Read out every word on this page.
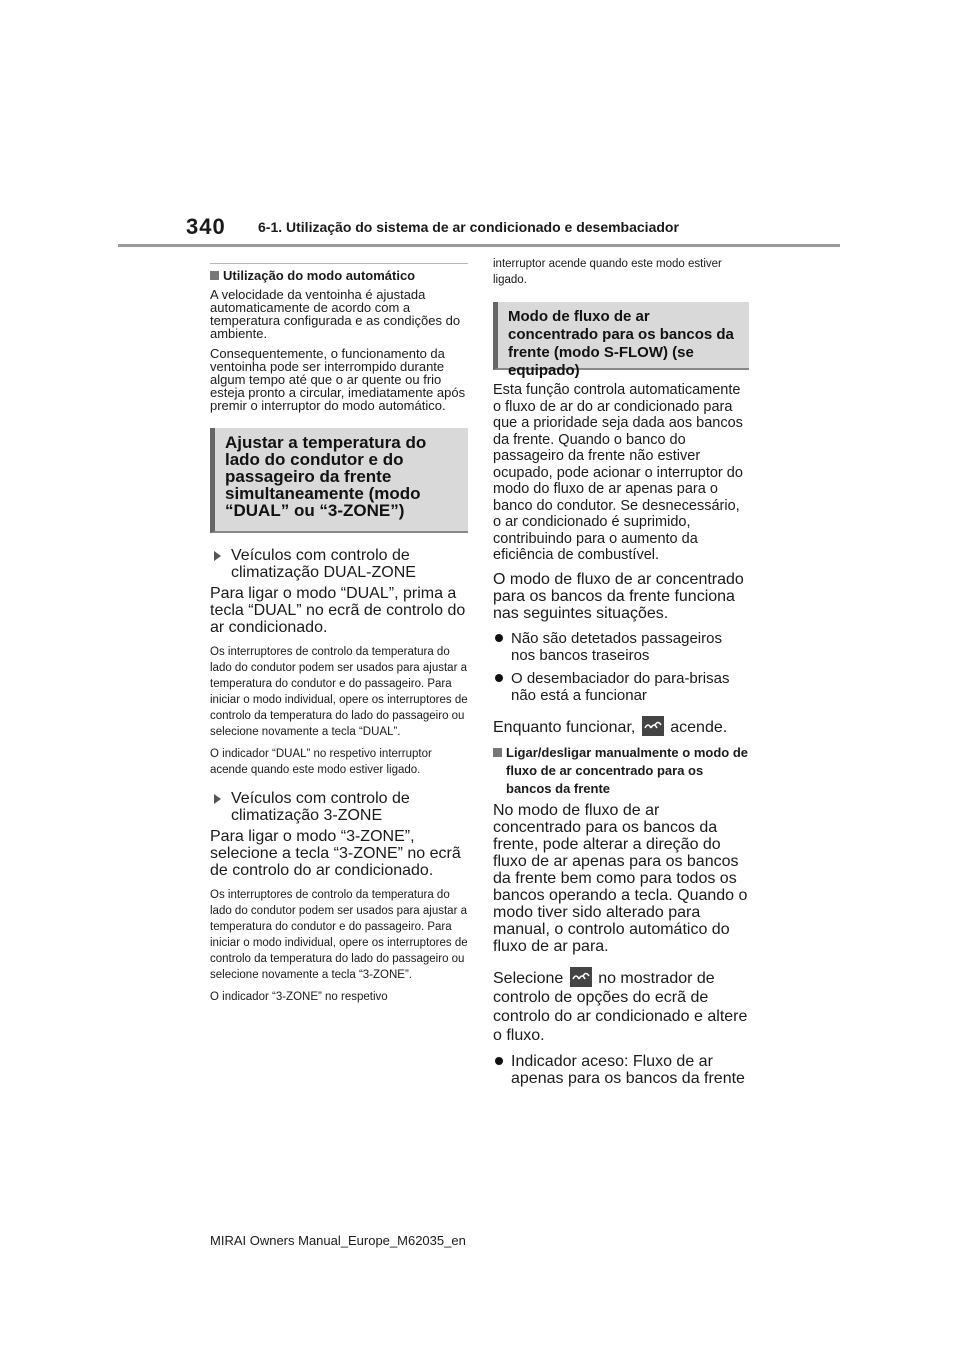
340 6-1. Utilização do sistema de ar condicionado e desembaciador
Utilização do modo automático

A velocidade da ventoinha é ajustada automaticamente de acordo com a temperatura configurada e as condições do ambiente.

Consequentemente, o funcionamento da ventoinha pode ser interrompido durante algum tempo até que o ar quente ou frio esteja pronto a circular, imediatamente após premir o interruptor do modo automático.

Ajustar a temperatura do lado do condutor e do passageiro da frente simultaneamente (modo “DUAL” ou “3-ZONE”)
Veículos com controlo de climatização DUAL-ZONE

Para ligar o modo “DUAL”, prima a tecla “DUAL” no ecrã de controlo do ar condicionado.

Os interruptores de controlo da temperatura do lado do condutor podem ser usados para ajustar a temperatura do condutor e do passageiro. Para iniciar o modo individual, opere os interruptores de controlo da temperatura do lado do passageiro ou selecione novamente a tecla “DUAL”.

O indicador “DUAL” no respetivo interruptor acende quando este modo estiver ligado.

Veículos com controlo de climatização 3-ZONE

Para ligar o modo “3-ZONE”, selecione a tecla “3-ZONE” no ecrã de controlo do ar condicionado.

Os interruptores de controlo da temperatura do lado do condutor podem ser usados para ajustar a temperatura do condutor e do passageiro. Para iniciar o modo individual, opere os interruptores de controlo da temperatura do lado do passageiro ou selecione novamente a tecla “3-ZONE”.

O indicador “3-ZONE” no respetivo

interruptor acende quando este modo estiver ligado.

Modo de fluxo de ar concentrado para os bancos da frente (modo S-FLOW) (se equipado)

Esta função controla automaticamente o fluxo de ar do ar condicionado para que a prioridade seja dada aos bancos da frente. Quando o banco do passageiro da frente não estiver ocupado, pode acionar o interruptor do modo do fluxo de ar apenas para o banco do condutor. Se desnecessário, o ar condicionado é suprimido, contribuindo para o aumento da eficiência de combustível.

O modo de fluxo de ar concentrado para os bancos da frente funciona nas seguintes situações.

Não são detetados passageiros nos bancos traseiros
O desembaciador do para-brisas não está a funcionar

Enquanto funcionar, acende.

Ligar/desligar manualmente o modo de fluxo de ar concentrado para os bancos da frente

No modo de fluxo de ar concentrado para os bancos da frente, pode alterar a direção do fluxo de ar apenas para os bancos da frente bem como para todos os bancos operando a tecla. Quando o modo tiver sido alterado para manual, o controlo automático do fluxo de ar para.

Selecione no mostrador de controlo de opções do ecrã de controlo do ar condicionado e altere o fluxo.

Indicador aceso: Fluxo de ar apenas para os bancos da frente
MIRAI Owners Manual_Europe_M62035_en
